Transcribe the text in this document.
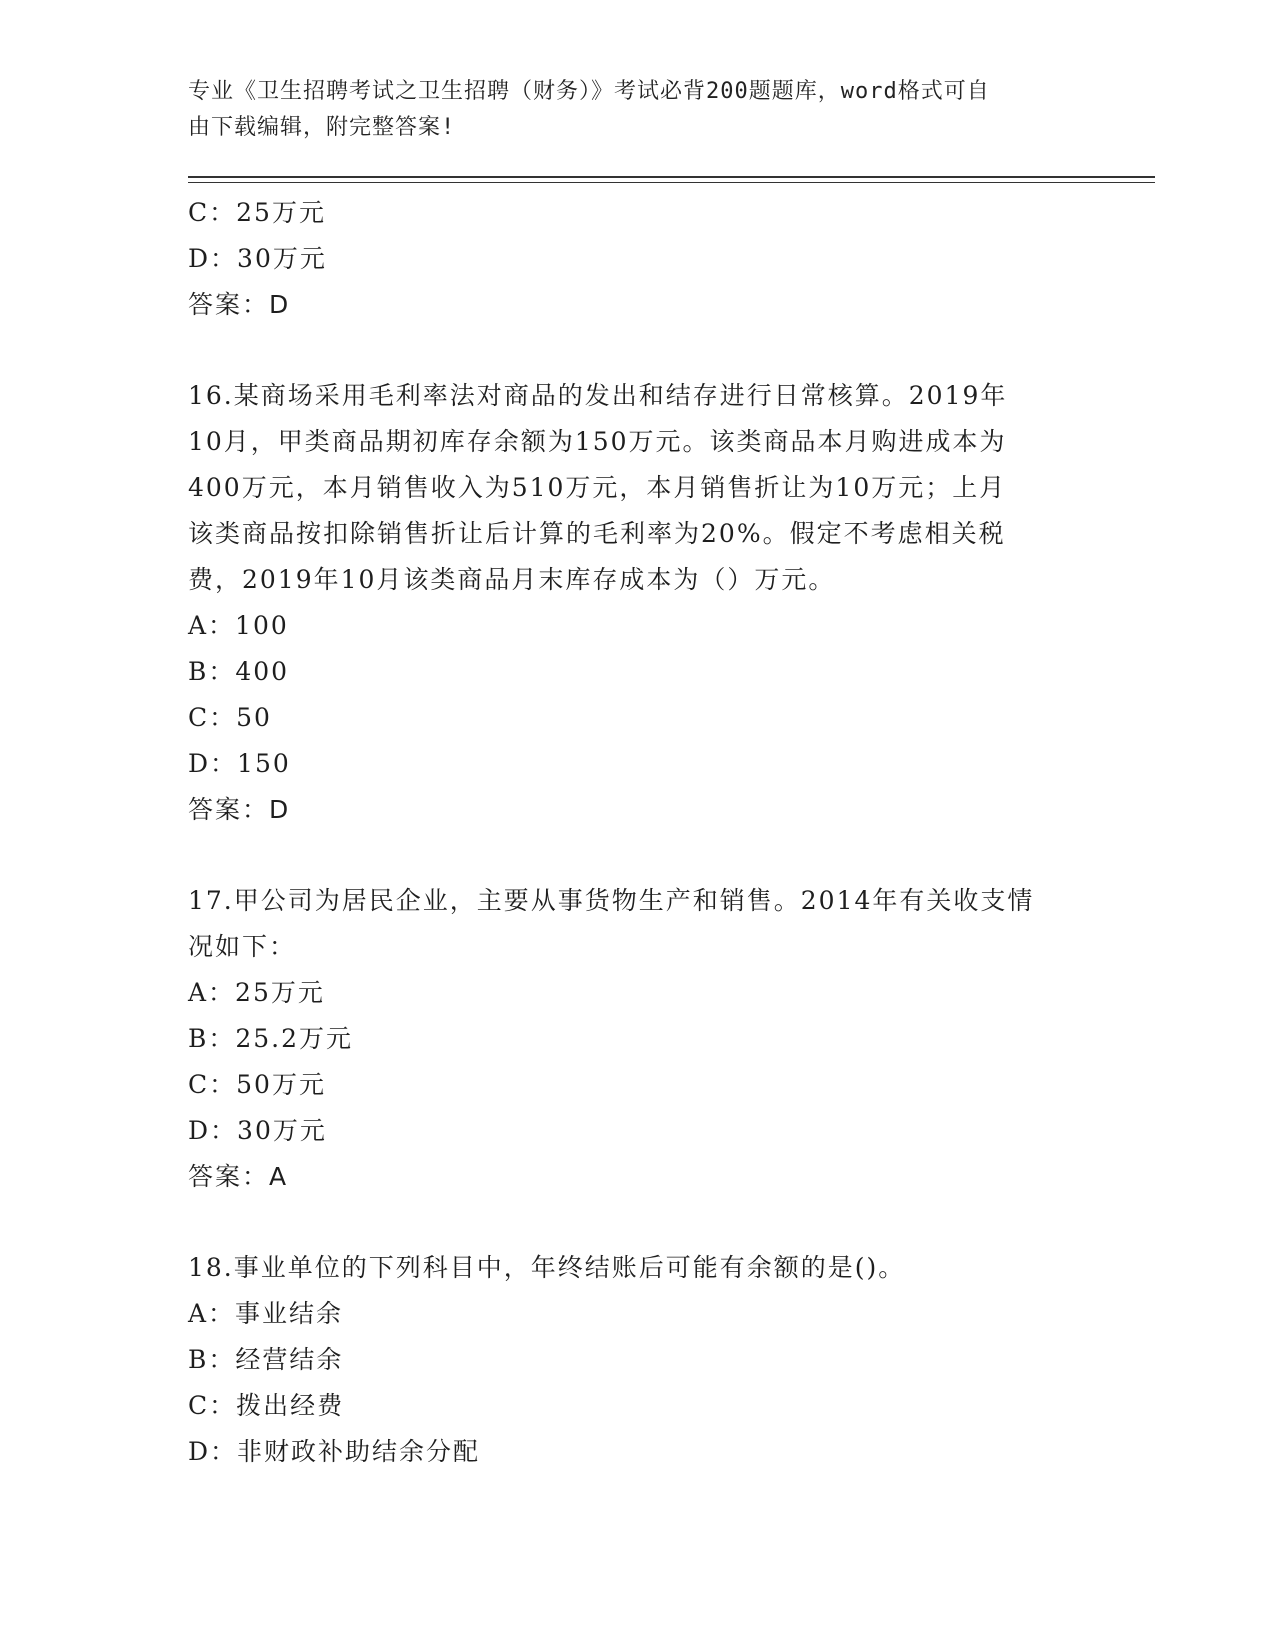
专业《卫生招聘考试之卫生招聘（财务）》考试必背200题题库，word格式可自
由下载编辑，附完整答案!
C：25万元
D：30万元
答案：D
16.某商场采用毛利率法对商品的发出和结存进行日常核算。2019年
10月，甲类商品期初库存余额为150万元。该类商品本月购进成本为
400万元，本月销售收入为510万元，本月销售折让为10万元；上月
该类商品按扣除销售折让后计算的毛利率为20%。假定不考虑相关税
费，2019年10月该类商品月末库存成本为（）万元。
A：100
B：400
C：50
D：150
答案：D
17.甲公司为居民企业，主要从事货物生产和销售。2014年有关收支情
况如下：
A：25万元
B：25.2万元
C：50万元
D：30万元
答案：A
18.事业单位的下列科目中，年终结账后可能有余额的是()。
A：事业结余
B：经营结余
C：拨出经费
D：非财政补助结余分配
